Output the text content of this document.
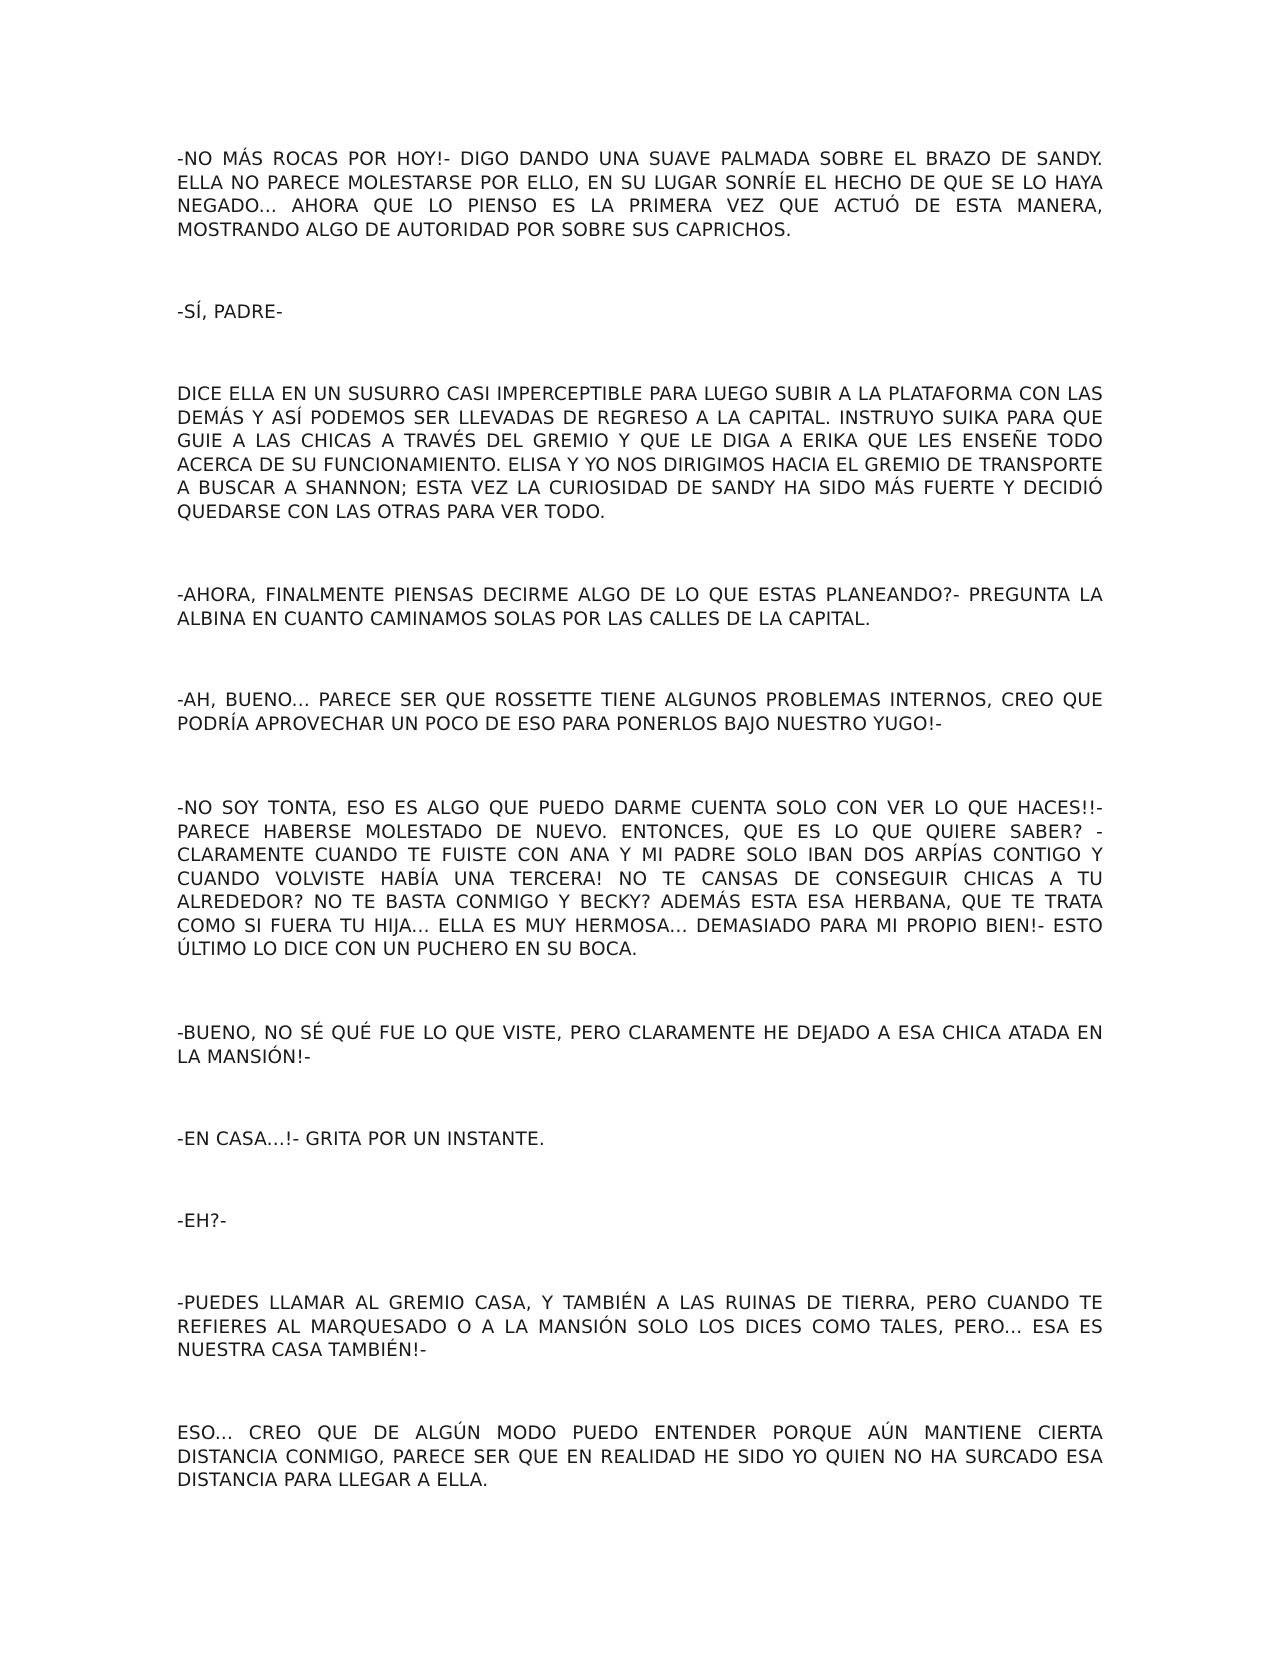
-NO MÁS ROCAS POR HOY!- DIGO DANDO UNA SUAVE PALMADA SOBRE EL BRAZO DE SANDY. ELLA NO PARECE MOLESTARSE POR ELLO, EN SU LUGAR SONRÍE EL HECHO DE QUE SE LO HAYA NEGADO... AHORA QUE LO PIENSO ES LA PRIMERA VEZ QUE ACTUÓ DE ESTA MANERA, MOSTRANDO ALGO DE AUTORIDAD POR SOBRE SUS CAPRICHOS.

-SÍ, PADRE-

DICE ELLA EN UN SUSURRO CASI IMPERCEPTIBLE PARA LUEGO SUBIR A LA PLATAFORMA CON LAS DEMÁS Y ASÍ PODEMOS SER LLEVADAS DE REGRESO A LA CAPITAL. INSTRUYO SUIKA PARA QUE GUIE A LAS CHICAS A TRAVÉS DEL GREMIO Y QUE LE DIGA A ERIKA QUE LES ENSEÑE TODO ACERCA DE SU FUNCIONAMIENTO. ELISA Y YO NOS DIRIGIMOS HACIA EL GREMIO DE TRANSPORTE A BUSCAR A SHANNON; ESTA VEZ LA CURIOSIDAD DE SANDY HA SIDO MÁS FUERTE Y DECIDIÓ QUEDARSE CON LAS OTRAS PARA VER TODO.

-AHORA, FINALMENTE PIENSAS DECIRME ALGO DE LO QUE ESTAS PLANEANDO?- PREGUNTA LA ALBINA EN CUANTO CAMINAMOS SOLAS POR LAS CALLES DE LA CAPITAL.

-AH, BUENO... PARECE SER QUE ROSSETTE TIENE ALGUNOS PROBLEMAS INTERNOS, CREO QUE PODRÍA APROVECHAR UN POCO DE ESO PARA PONERLOS BAJO NUESTRO YUGO!-

-NO SOY TONTA, ESO ES ALGO QUE PUEDO DARME CUENTA SOLO CON VER LO QUE HACES!!- PARECE HABERSE MOLESTADO DE NUEVO. ENTONCES, QUE ES LO QUE QUIERE SABER? -CLARAMENTE CUANDO TE FUISTE CON ANA Y MI PADRE SOLO IBAN DOS ARPÍAS CONTIGO Y CUANDO VOLVISTE HABÍA UNA TERCERA! NO TE CANSAS DE CONSEGUIR CHICAS A TU ALREDEDOR? NO TE BASTA CONMIGO Y BECKY? ADEMÁS ESTA ESA HERBANA, QUE TE TRATA COMO SI FUERA TU HIJA... ELLA ES MUY HERMOSA... DEMASIADO PARA MI PROPIO BIEN!- ESTO ÚLTIMO LO DICE CON UN PUCHERO EN SU BOCA.

-BUENO, NO SÉ QUÉ FUE LO QUE VISTE, PERO CLARAMENTE HE DEJADO A ESA CHICA ATADA EN LA MANSIÓN!-

-EN CASA...!- GRITA POR UN INSTANTE.

-EH?-

-PUEDES LLAMAR AL GREMIO CASA, Y TAMBIÉN A LAS RUINAS DE TIERRA, PERO CUANDO TE REFIERES AL MARQUESADO O A LA MANSIÓN SOLO LOS DICES COMO TALES, PERO... ESA ES NUESTRA CASA TAMBIÉN!-

ESO... CREO QUE DE ALGÚN MODO PUEDO ENTENDER PORQUE AÚN MANTIENE CIERTA DISTANCIA CONMIGO, PARECE SER QUE EN REALIDAD HE SIDO YO QUIEN NO HA SURCADO ESA DISTANCIA PARA LLEGAR A ELLA.
